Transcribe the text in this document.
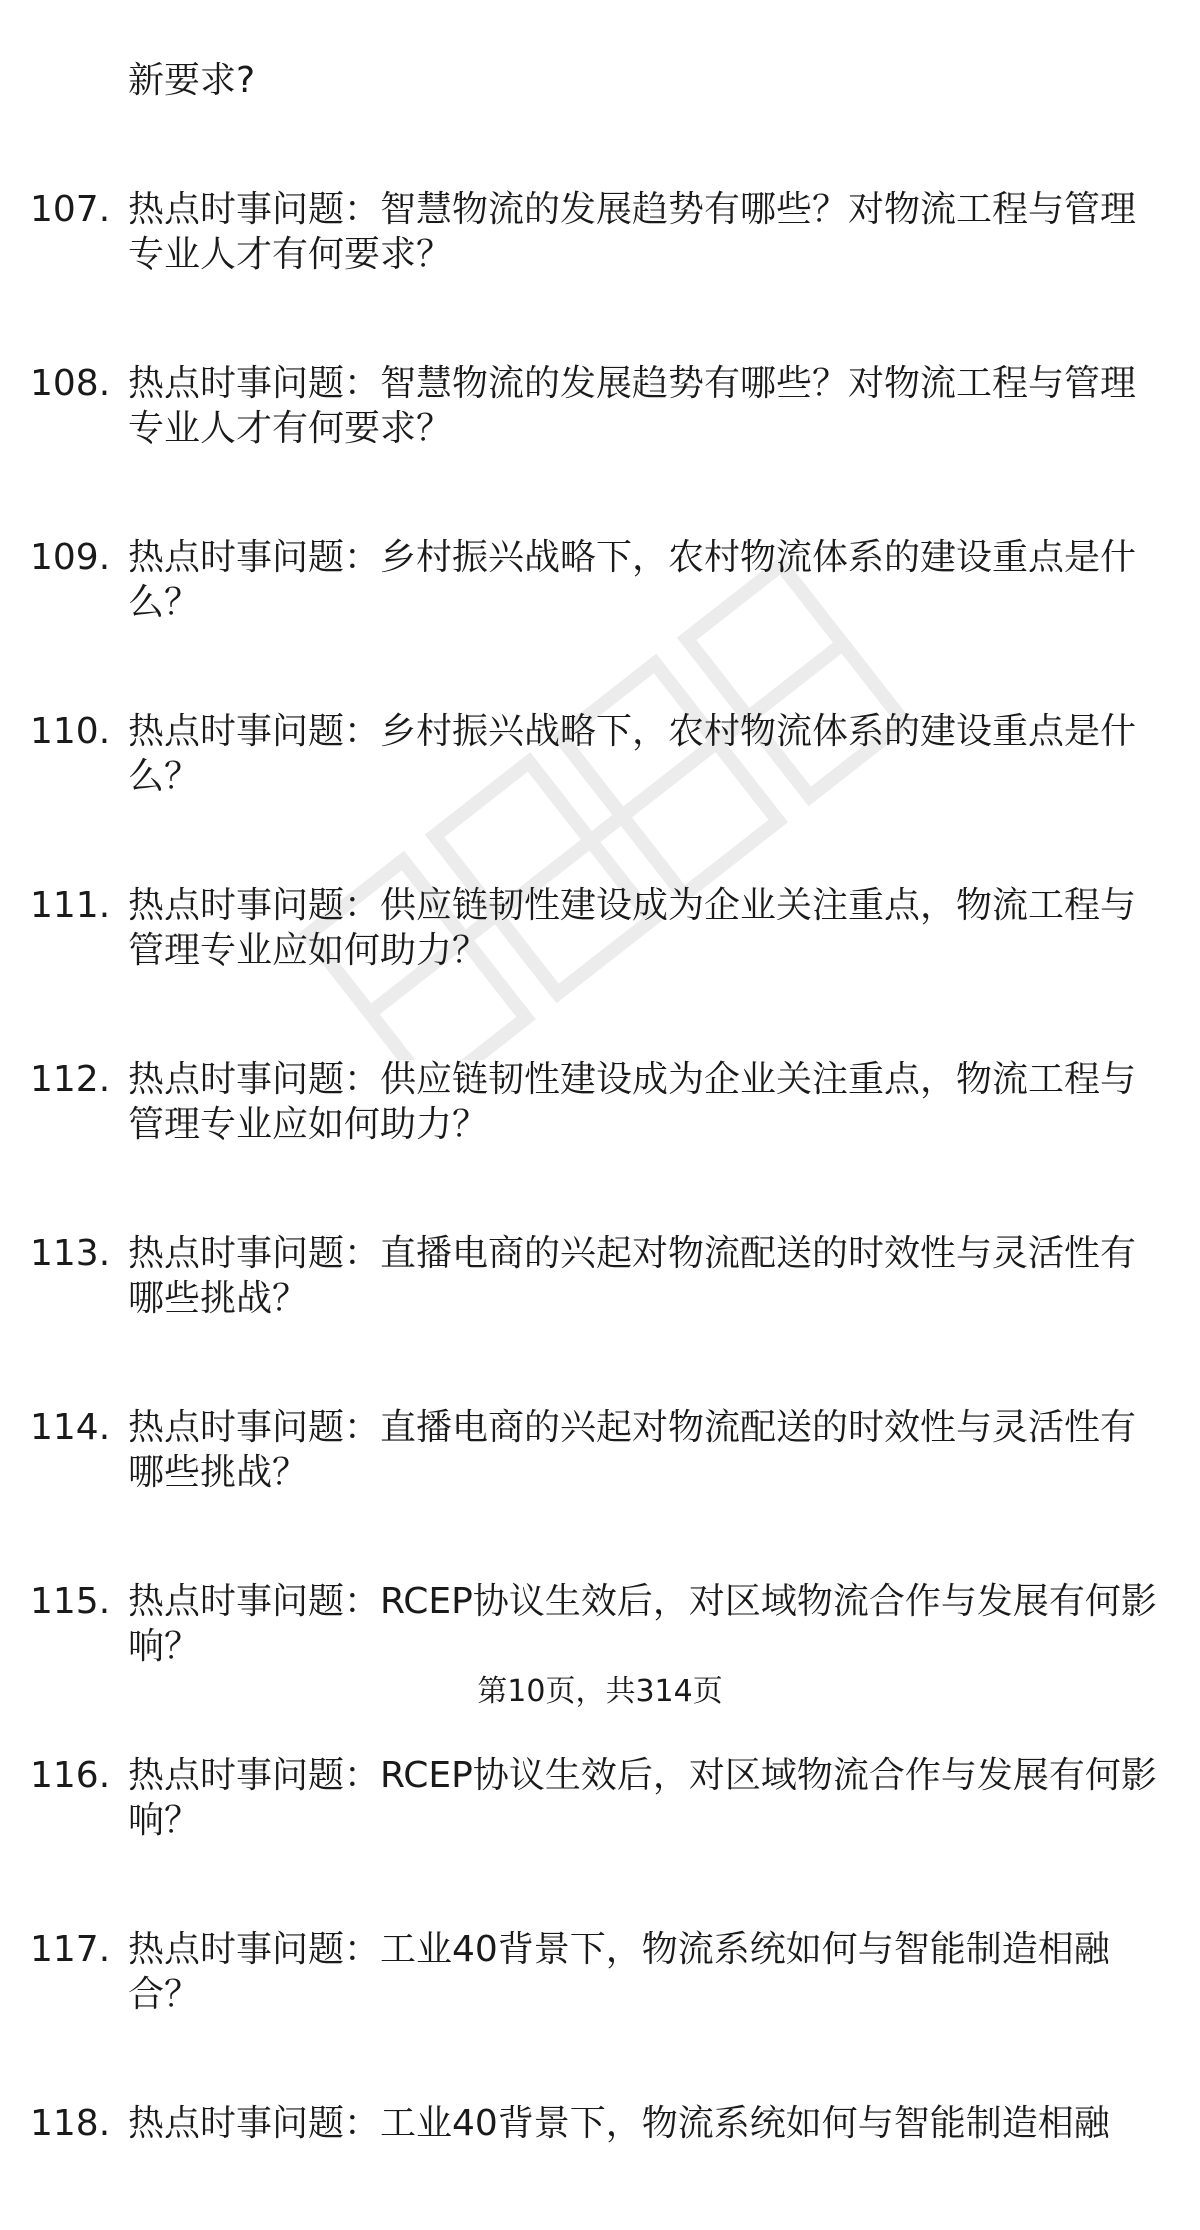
新要求?
107. 热点时事问题：智慧物流的发展趋势有哪些？对物流工程与管理专业人才有何要求？
108. 热点时事问题：智慧物流的发展趋势有哪些？对物流工程与管理专业人才有何要求？
109. 热点时事问题：乡村振兴战略下，农村物流体系的建设重点是什么？
110. 热点时事问题：乡村振兴战略下，农村物流体系的建设重点是什么？
111. 热点时事问题：供应链韧性建设成为企业关注重点，物流工程与管理专业应如何助力？
112. 热点时事问题：供应链韧性建设成为企业关注重点，物流工程与管理专业应如何助力？
113. 热点时事问题：直播电商的兴起对物流配送的时效性与灵活性有哪些挑战？
114. 热点时事问题：直播电商的兴起对物流配送的时效性与灵活性有哪些挑战？
115. 热点时事问题：RCEP协议生效后，对区域物流合作与发展有何影响？
116. 热点时事问题：RCEP协议生效后，对区域物流合作与发展有何影响？
117. 热点时事问题：工业40背景下，物流系统如何与智能制造相融合？
118. 热点时事问题：工业40背景下，物流系统如何与智能制造相融
第10页，共314页
